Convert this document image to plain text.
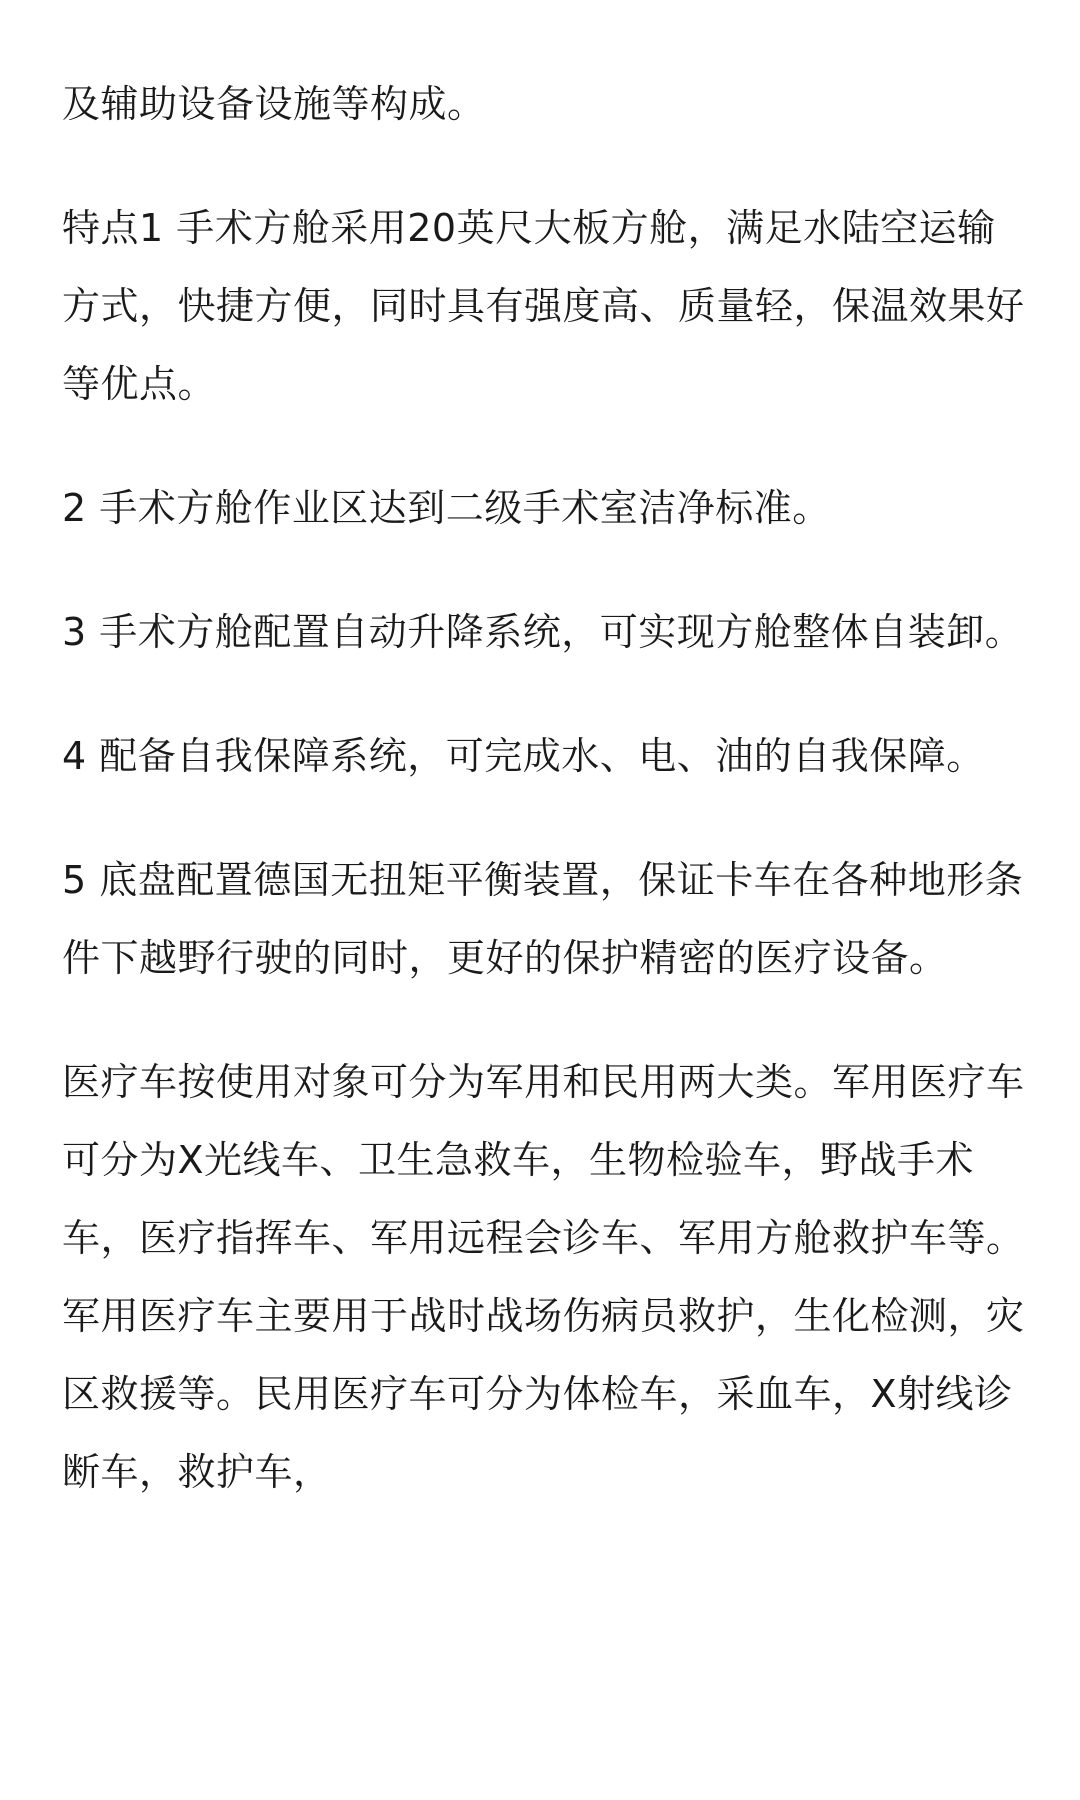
及辅助设备设施等构成。

特点1 手术方舱采用20英尺大板方舱，满足水陆空运输方式，快捷方便，同时具有强度高、质量轻，保温效果好等优点。

2 手术方舱作业区达到二级手术室洁净标准。

3 手术方舱配置自动升降系统，可实现方舱整体自装卸。

4 配备自我保障系统，可完成水、电、油的自我保障。

5 底盘配置德国无扭矩平衡装置，保证卡车在各种地形条件下越野行驶的同时，更好的保护精密的医疗设备。

医疗车按使用对象可分为军用和民用两大类。军用医疗车可分为X光线车、卫生急救车，生物检验车，野战手术车，医疗指挥车、军用远程会诊车、军用方舱救护车等。军用医疗车主要用于战时战场伤病员救护，生化检测，灾区救援等。民用医疗车可分为体检车，采血车，X射线诊断车，救护车，
